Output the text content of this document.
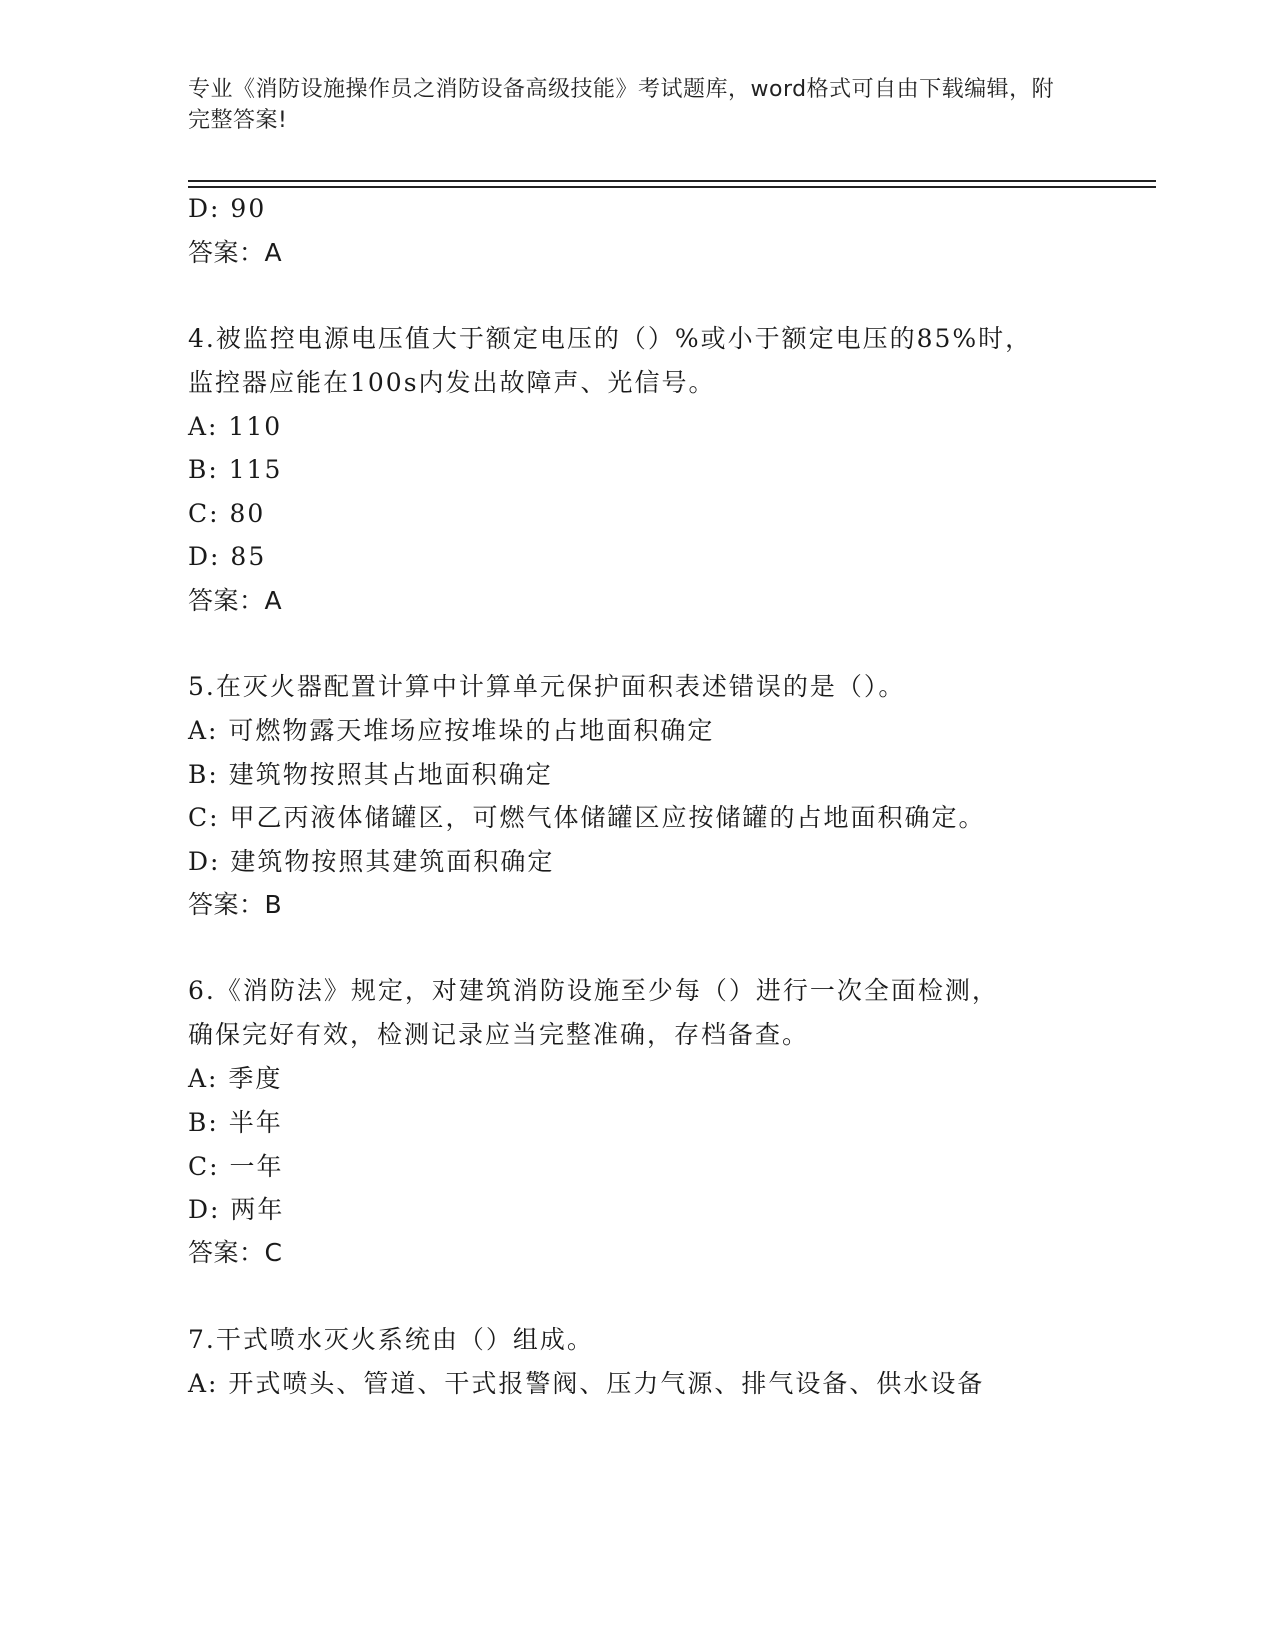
专业《消防设施操作员之消防设备高级技能》考试题库，word格式可自由下载编辑，附完整答案!
D: 90
答案：A
4.被监控电源电压值大于额定电压的（）%或小于额定电压的85%时，
监控器应能在100s内发出故障声、光信号。
A: 110
B: 115
C: 80
D: 85
答案：A
5.在灭火器配置计算中计算单元保护面积表述错误的是（）。
A: 可燃物露天堆场应按堆垛的占地面积确定
B: 建筑物按照其占地面积确定
C: 甲乙丙液体储罐区，可燃气体储罐区应按储罐的占地面积确定。
D: 建筑物按照其建筑面积确定
答案：B
6.《消防法》规定，对建筑消防设施至少每（）进行一次全面检测，
确保完好有效，检测记录应当完整准确，存档备查。
A: 季度
B: 半年
C: 一年
D: 两年
答案：C
7.干式喷水灭火系统由（）组成。
A: 开式喷头、管道、干式报警阀、压力气源、排气设备、供水设备
